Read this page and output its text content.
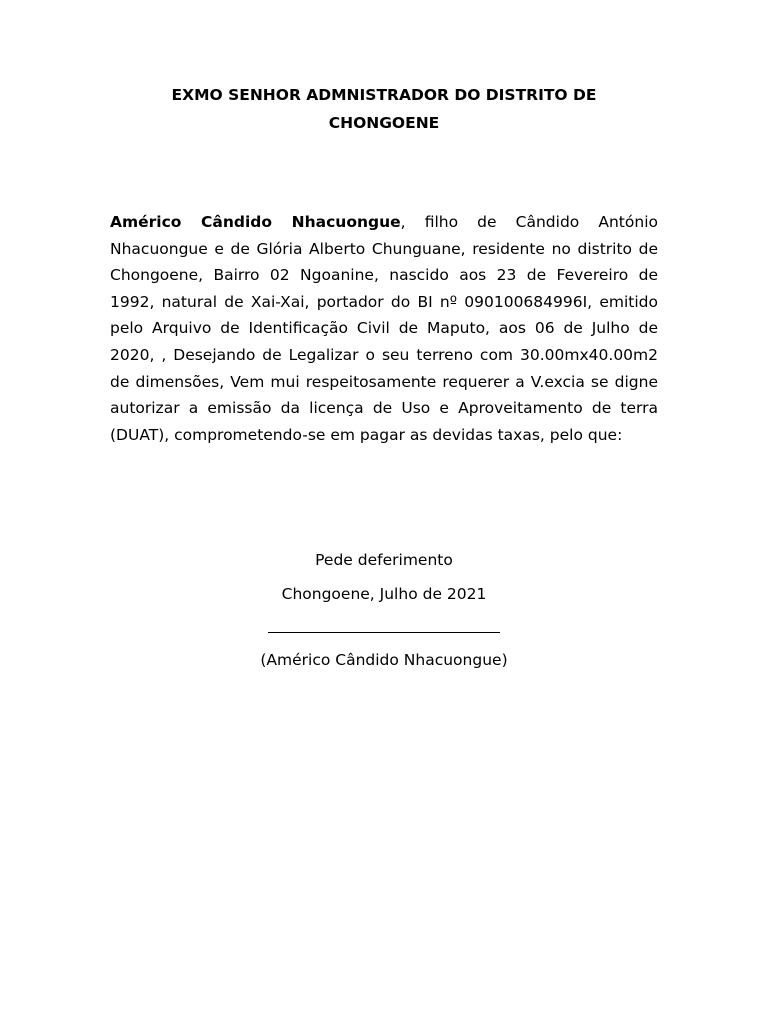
EXMO SENHOR ADMNISTRADOR DO DISTRITO DE
CHONGOENE

Américo Cândido Nhacuongue, filho de Cândido António Nhacuongue e de Glória Alberto Chunguane, residente no distrito de Chongoene, Bairro 02 Ngoanine, nascido aos 23 de Fevereiro de 1992, natural de Xai-Xai, portador do BI nº 090100684996I, emitido pelo Arquivo de Identificação Civil de Maputo, aos 06 de Julho de 2020, , Desejando de Legalizar o seu terreno com 30.00mx40.00m2 de dimensões, Vem mui respeitosamente requerer a V.excia se digne autorizar a emissão da licença de Uso e Aproveitamento de terra (DUAT), comprometendo-se em pagar as devidas taxas, pelo que:

Pede deferimento
Chongoene, Julho de 2021
(Américo Cândido Nhacuongue)
